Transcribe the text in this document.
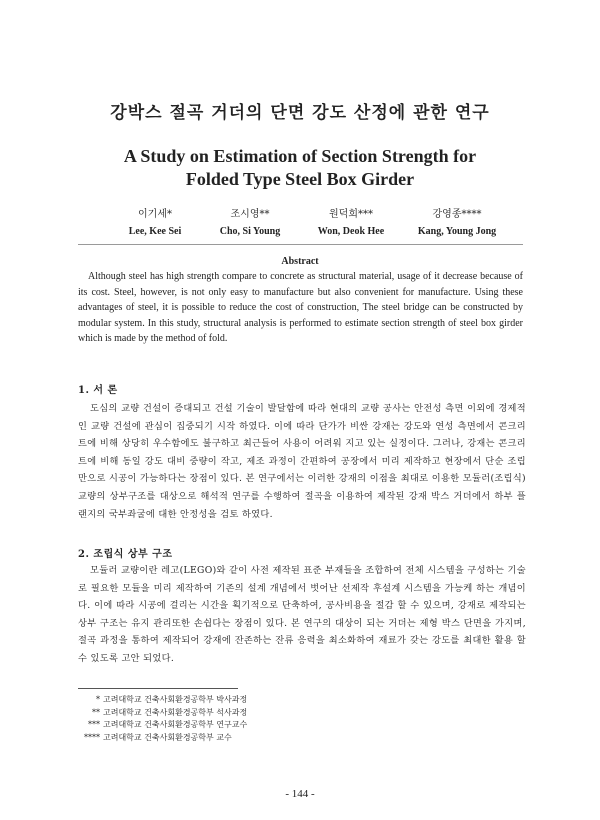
강박스 절곡 거더의 단면 강도 산정에 관한 연구
A Study on Estimation of Section Strength for
Folded Type Steel Box Girder
이기세*
Lee, Kee Sei
조시영**
Cho, Si Young
원덕희***
Won, Deok Hee
강영종****
Kang, Young Jong
Abstract
Although steel has high strength compare to concrete as structural material, usage of it decrease because of its cost. Steel, however, is not only easy to manufacture but also convenient for manufacture. Using these advantages of steel, it is possible to reduce the cost of construction, The steel bridge can be constructed by modular system. In this study, structural analysis is performed to estimate section strength of steel box girder which is made by the method of fold.
1. 서 론
도심의 교량 건설이 증대되고 건설 기술이 발달함에 따라 현대의 교량 공사는 안전성 측면 이외에 경제적인 교량 건설에 관심이 집중되기 시작 하였다. 이에 따라 단가가 비싼 강재는 강도와 연성 측면에서 콘크리트에 비해 상당히 우수함에도 불구하고 최근들어 사용이 어려워 지고 있는 실정이다. 그러나, 강재는 콘크리트에 비해 동일 강도 대비 중량이 작고, 제조 과정이 간편하여 공장에서 미리 제작하고 현장에서 단순 조립만으로 시공이 가능하다는 장점이 있다. 본 연구에서는 이러한 강재의 이점을 최대로 이용한 모듈러(조립식) 교량의 상부구조를 대상으로 해석적 연구를 수행하여 절곡을 이용하여 제작된 강재 박스 거더에서 하부 플랜지의 국부좌굴에 대한 안정성을 검토 하였다.
2. 조립식 상부 구조
모듈러 교량이란 레고(LEGO)와 같이 사전 제작된 표준 부재들을 조합하여 전체 시스템을 구성하는 기술로 필요한 모듈을 미리 제작하여 기존의 설계 개념에서 벗어난 선제작 후설계 시스템을 가능케 하는 개념이다. 이에 따라 시공에 걸리는 시간을 획기적으로 단축하여, 공사비용을 절감 할 수 있으며, 강재로 제작되는 상부 구조는 유지 관리또한 손쉽다는 장점이 있다. 본 연구의 대상이 되는 거더는 제형 박스 단면을 가지며, 절곡 과정을 통하여 제작되어 강재에 잔존하는 잔류 응력을 최소화하여 재료가 갖는 강도를 최대한 활용 할 수 있도록 고안 되었다.
* 고려대학교 건축사회환경공학부 박사과정
** 고려대학교 건축사회환경공학부 석사과정
*** 고려대학교 건축사회환경공학부 연구교수
**** 고려대학교 건축사회환경공학부 교수
- 144 -
